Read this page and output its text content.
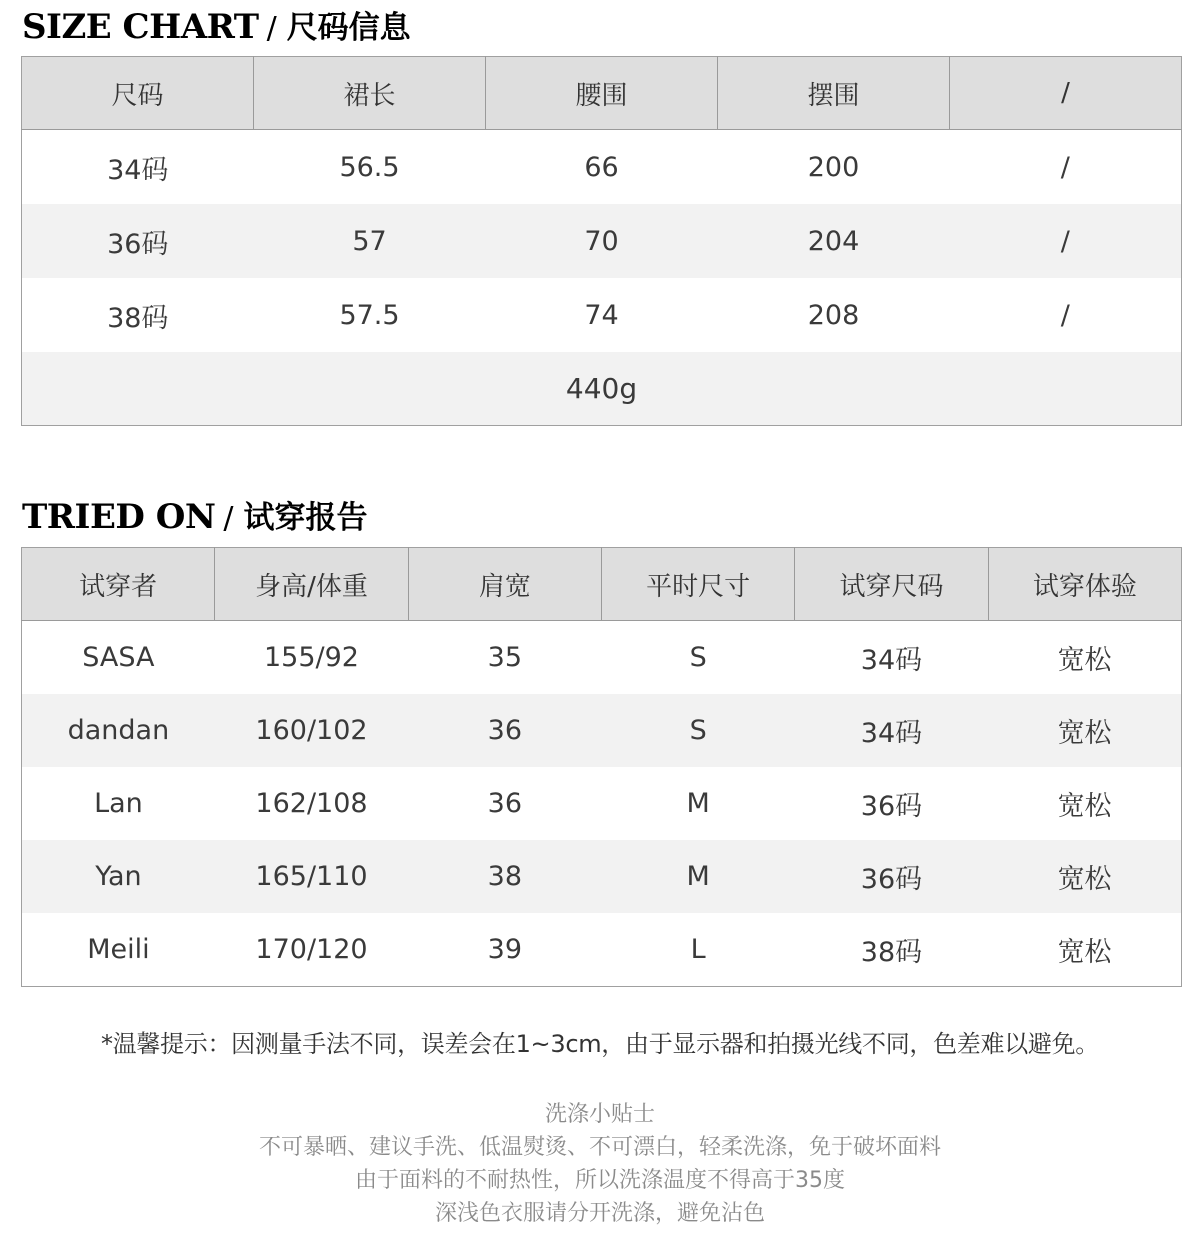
SIZE CHART / 尺码信息
尺码	裙长	腰围	摆围	/
34码	56.5	66	200	/
36码	57	70	204	/
38码	57.5	74	208	/
440g				
TRIED ON / 试穿报告
试穿者	身高/体重	肩宽	平时尺寸	试穿尺码	试穿体验
SASA	155/92	35	S	34码	宽松
dandan	160/102	36	S	34码	宽松
Lan	162/108	36	M	36码	宽松
Yan	165/110	38	M	36码	宽松
Meili	170/120	39	L	38码	宽松
*温馨提示：因测量手法不同，误差会在1~3cm，由于显示器和拍摄光线不同，色差难以避免。
洗涤小贴士
不可暴晒、建议手洗、低温熨烫、不可漂白，轻柔洗涤，免于破坏面料
由于面料的不耐热性，所以洗涤温度不得高于35度
深浅色衣服请分开洗涤，避免沾色
